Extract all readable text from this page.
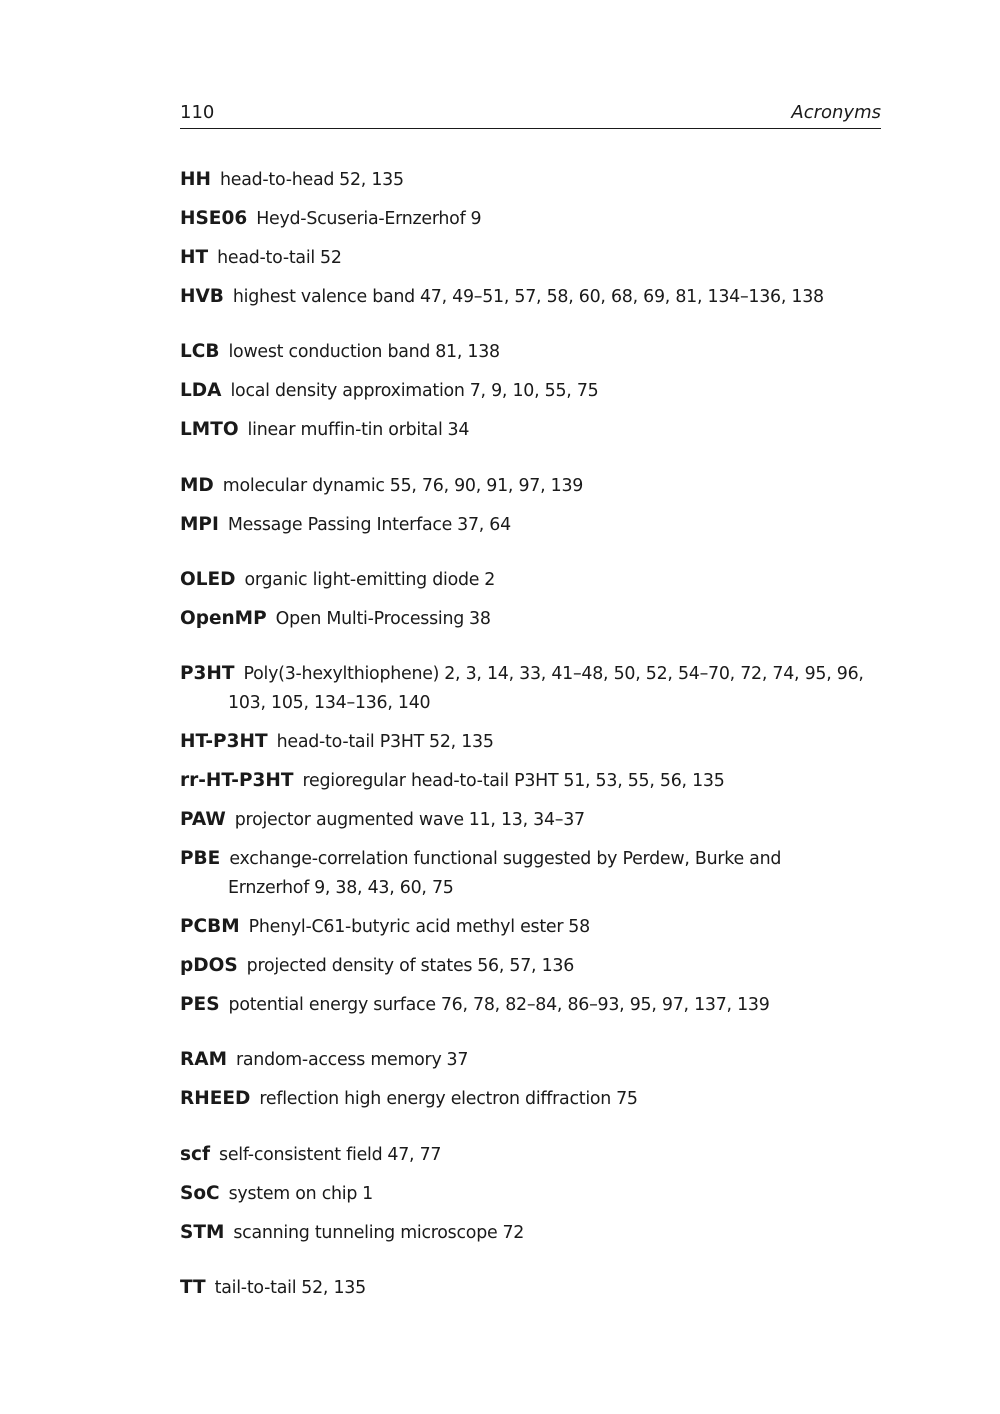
110	Acronyms
HH head-to-head 52, 135
HSE06 Heyd-Scuseria-Ernzerhof 9
HT head-to-tail 52
HVB highest valence band 47, 49–51, 57, 58, 60, 68, 69, 81, 134–136, 138
LCB lowest conduction band 81, 138
LDA local density approximation 7, 9, 10, 55, 75
LMTO linear muffin-tin orbital 34
MD molecular dynamic 55, 76, 90, 91, 97, 139
MPI Message Passing Interface 37, 64
OLED organic light-emitting diode 2
OpenMP Open Multi-Processing 38
P3HT Poly(3-hexylthiophene) 2, 3, 14, 33, 41–48, 50, 52, 54–70, 72, 74, 95, 96, 103, 105, 134–136, 140
HT-P3HT head-to-tail P3HT 52, 135
rr-HT-P3HT regioregular head-to-tail P3HT 51, 53, 55, 56, 135
PAW projector augmented wave 11, 13, 34–37
PBE exchange-correlation functional suggested by Perdew, Burke and Ernzerhof 9, 38, 43, 60, 75
PCBM Phenyl-C61-butyric acid methyl ester 58
pDOS projected density of states 56, 57, 136
PES potential energy surface 76, 78, 82–84, 86–93, 95, 97, 137, 139
RAM random-access memory 37
RHEED reflection high energy electron diffraction 75
scf self-consistent field 47, 77
SoC system on chip 1
STM scanning tunneling microscope 72
TT tail-to-tail 52, 135
